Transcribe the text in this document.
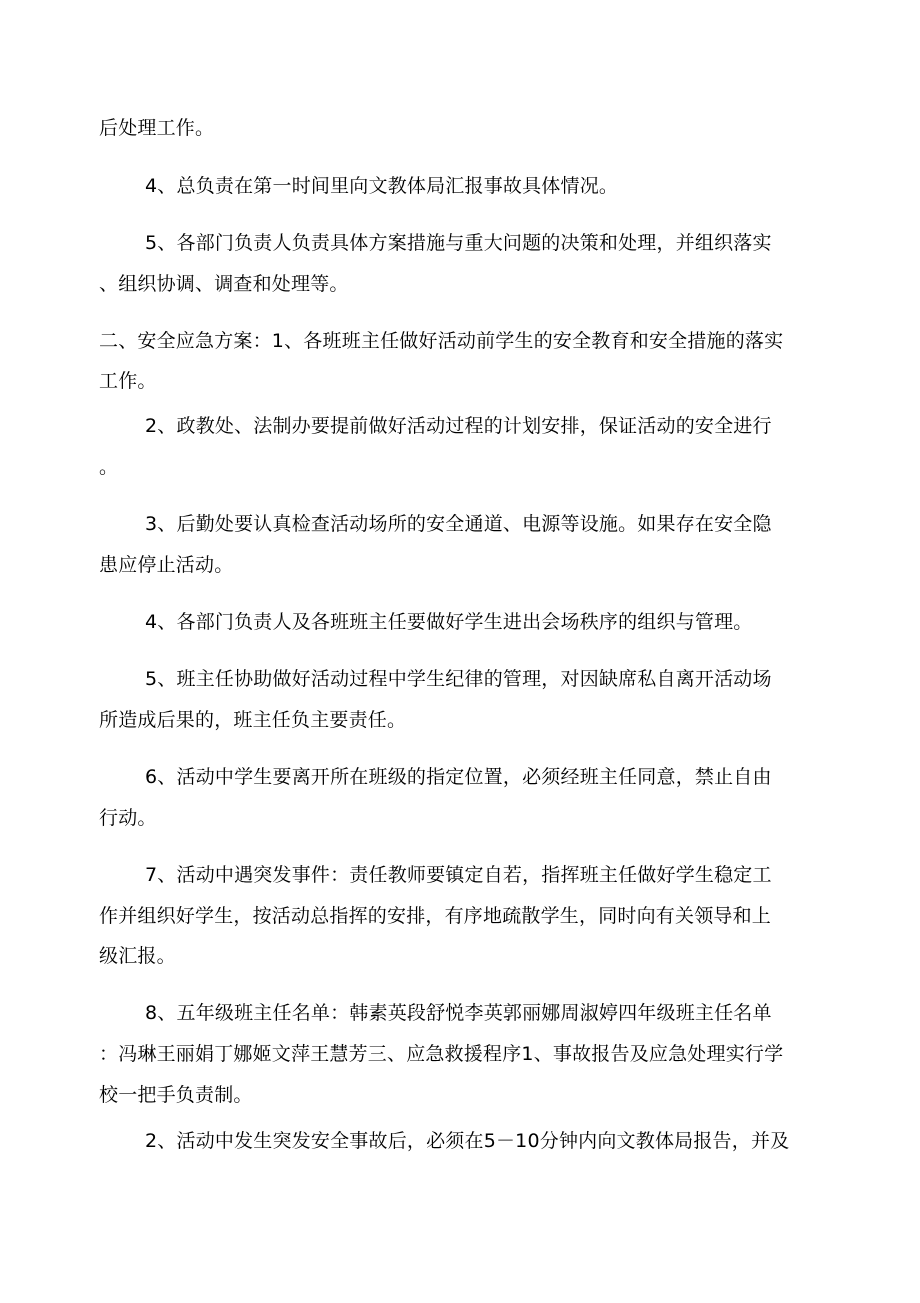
后处理工作。
4、总负责在第一时间里向文教体局汇报事故具体情况。
5、各部门负责人负责具体方案措施与重大问题的决策和处理，并组织落实
、组织协调、调查和处理等。
二、安全应急方案：1、各班班主任做好活动前学生的安全教育和安全措施的落实
工作。
2、政教处、法制办要提前做好活动过程的计划安排，保证活动的安全进行
。
3、后勤处要认真检查活动场所的安全通道、电源等设施。如果存在安全隐
患应停止活动。
4、各部门负责人及各班班主任要做好学生进出会场秩序的组织与管理。
5、班主任协助做好活动过程中学生纪律的管理，对因缺席私自离开活动场
所造成后果的，班主任负主要责任。
6、活动中学生要离开所在班级的指定位置，必须经班主任同意，禁止自由
行动。
7、活动中遇突发事件：责任教师要镇定自若，指挥班主任做好学生稳定工
作并组织好学生，按活动总指挥的安排，有序地疏散学生，同时向有关领导和上
级汇报。
8、五年级班主任名单：韩素英段舒悦李英郭丽娜周淑婷四年级班主任名单
：冯琳王丽娟丁娜姬文萍王慧芳三、应急救援程序1、事故报告及应急处理实行学
校一把手负责制。
2、活动中发生突发安全事故后，必须在5－10分钟内向文教体局报告，并及
